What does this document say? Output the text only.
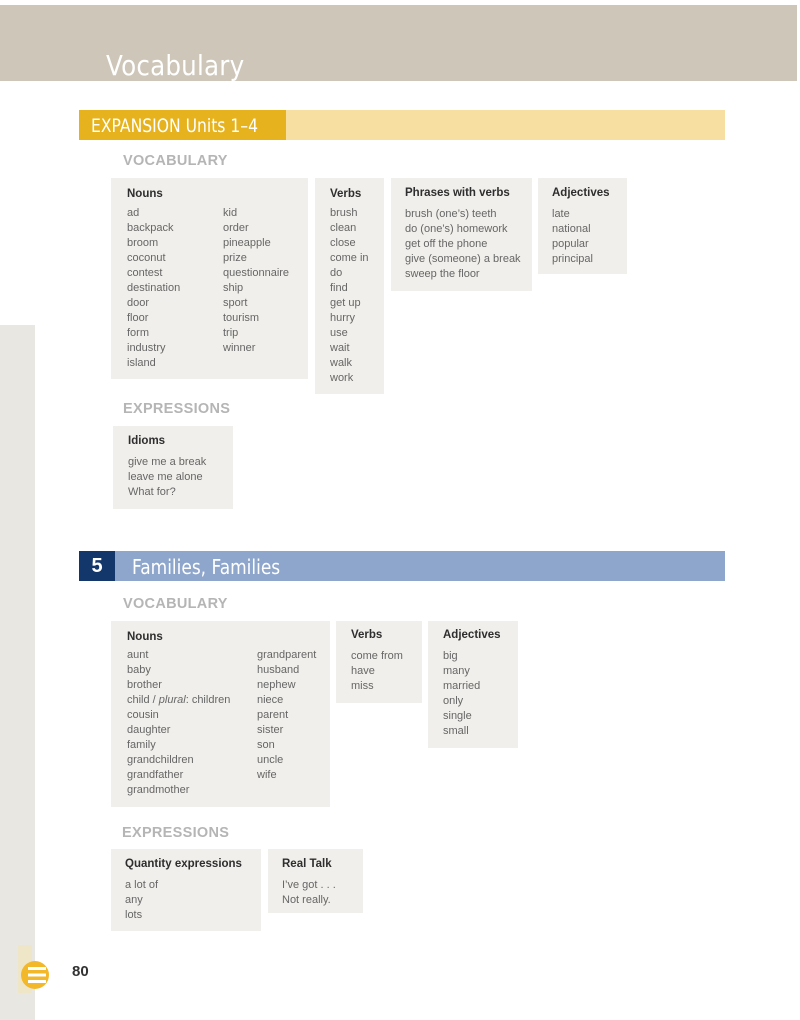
Vocabulary
EXPANSION Units 1–4
VOCABULARY
Nouns
ad
backpack
broom
coconut
contest
destination
door
floor
form
industry
island
kid
order
pineapple
prize
questionnaire
ship
sport
tourism
trip
winner
Verbs
brush
clean
close
come in
do
find
get up
hurry
use
wait
walk
work
Phrases with verbs
brush (one’s) teeth
do (one’s) homework
get off the phone
give (someone) a break
sweep the floor
Adjectives
late
national
popular
principal
EXPRESSIONS
Idioms
give me a break
leave me alone
What for?
5	Families, Families
VOCABULARY
Nouns
aunt
baby
brother
child / plural: children
cousin
daughter
family
grandchildren
grandfather
grandmother
grandparent
husband
nephew
niece
parent
sister
son
uncle
wife
Verbs
come from
have
miss
Adjectives
big
many
married
only
single
small
EXPRESSIONS
Quantity expressions
a lot of
any
lots
Real Talk
I’ve got . . .
Not really.
80
